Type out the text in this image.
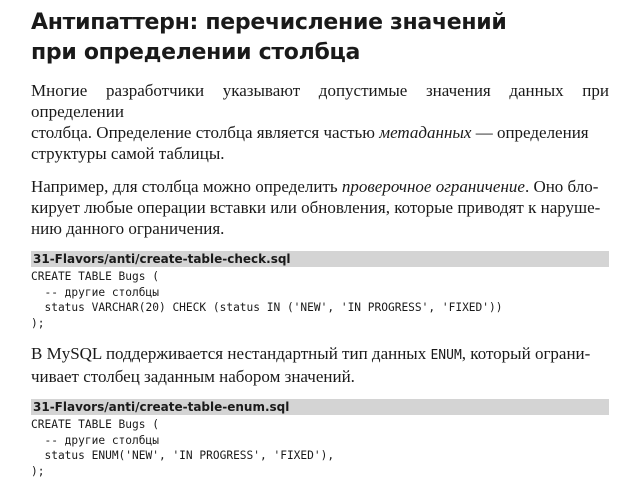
Антипаттерн: перечисление значений
при определении столбца

Многие разработчики указывают допустимые значения данных при определении
столбца. Определение столбца является частью метаданных — определения
структуры самой таблицы.

Например, для столбца можно определить проверочное ограничение. Оно бло-
кирует любые операции вставки или обновления, которые приводят к наруше-
нию данного ограничения.

31-Flavors/anti/create-table-check.sql
CREATE TABLE Bugs (
-- другие столбцы
status VARCHAR(20) CHECK (status IN ('NEW', 'IN PROGRESS', 'FIXED'))
);

В MySQL поддерживается нестандартный тип данных ENUM, который ограни-
чивает столбец заданным набором значений.

31-Flavors/anti/create-table-enum.sql
CREATE TABLE Bugs (
-- другие столбцы
status ENUM('NEW', 'IN PROGRESS', 'FIXED'),
);
